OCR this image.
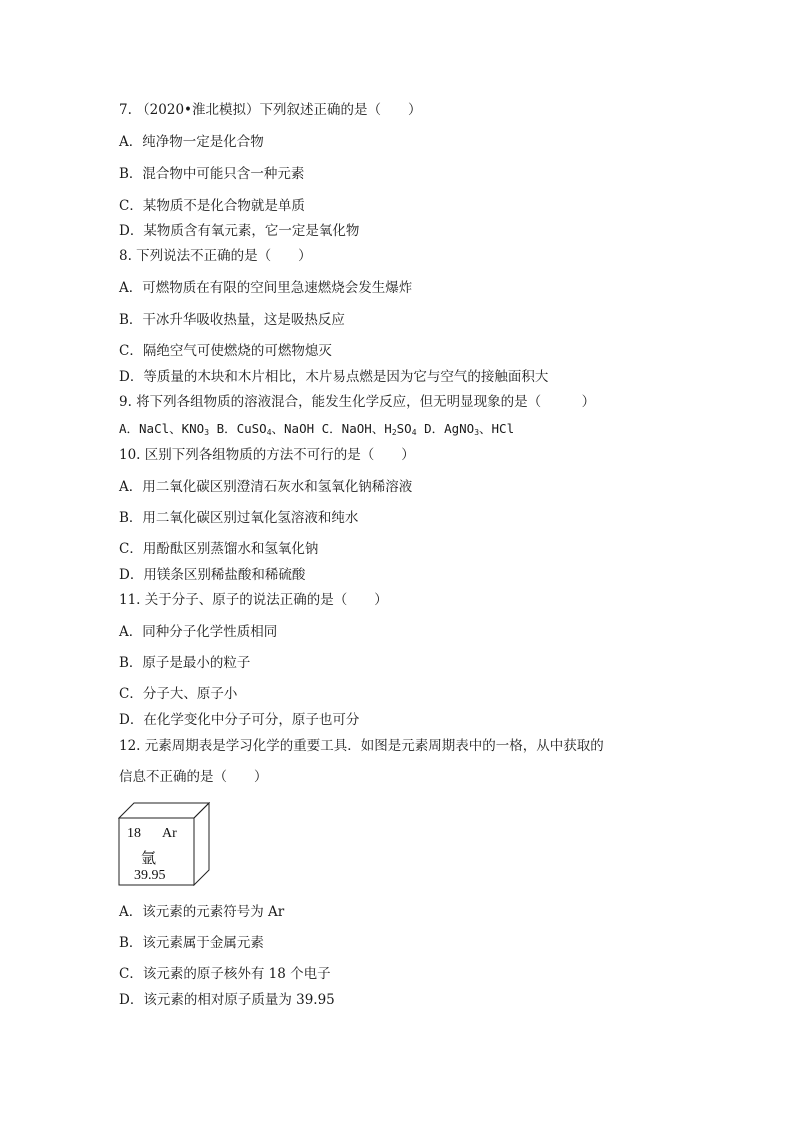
7. （2020•淮北模拟）下列叙述正确的是（　　）
A．纯净物一定是化合物
B．混合物中可能只含一种元素
C．某物质不是化合物就是单质
D．某物质含有氧元素，它一定是氧化物
8. 下列说法不正确的是（　　）
A．可燃物质在有限的空间里急速燃烧会发生爆炸
B．干冰升华吸收热量，这是吸热反应
C．隔绝空气可使燃烧的可燃物熄灭
D．等质量的木块和木片相比，木片易点燃是因为它与空气的接触面积大
9. 将下列各组物质的溶液混合，能发生化学反应，但无明显现象的是（　　　）
A．NaCl、$KNO_3$ B．CuSO$_4$、NaOH C．NaOH、$H_2SO_4$ D．AgNO$_3$、HCl
10. 区别下列各组物质的方法不可行的是（　　）
A．用二氧化碳区别澄清石灰水和氢氧化钠稀溶液
B．用二氧化碳区别过氧化氢溶液和纯水
C．用酚酞区别蒸馏水和氢氧化钠
D．用镁条区别稀盐酸和稀硫酸
11. 关于分子、原子的说法正确的是（　　）
A．同种分子化学性质相同
B．原子是最小的粒子
C．分子大、原子小
D．在化学变化中分子可分，原子也可分
12. 元素周期表是学习化学的重要工具．如图是元素周期表中的一格，从中获取的
信息不正确的是（　　）
18 Ar
氩
39.95
A．该元素的元素符号为 Ar
B．该元素属于金属元素
C．该元素的原子核外有 18 个电子
D．该元素的相对原子质量为 39.95
